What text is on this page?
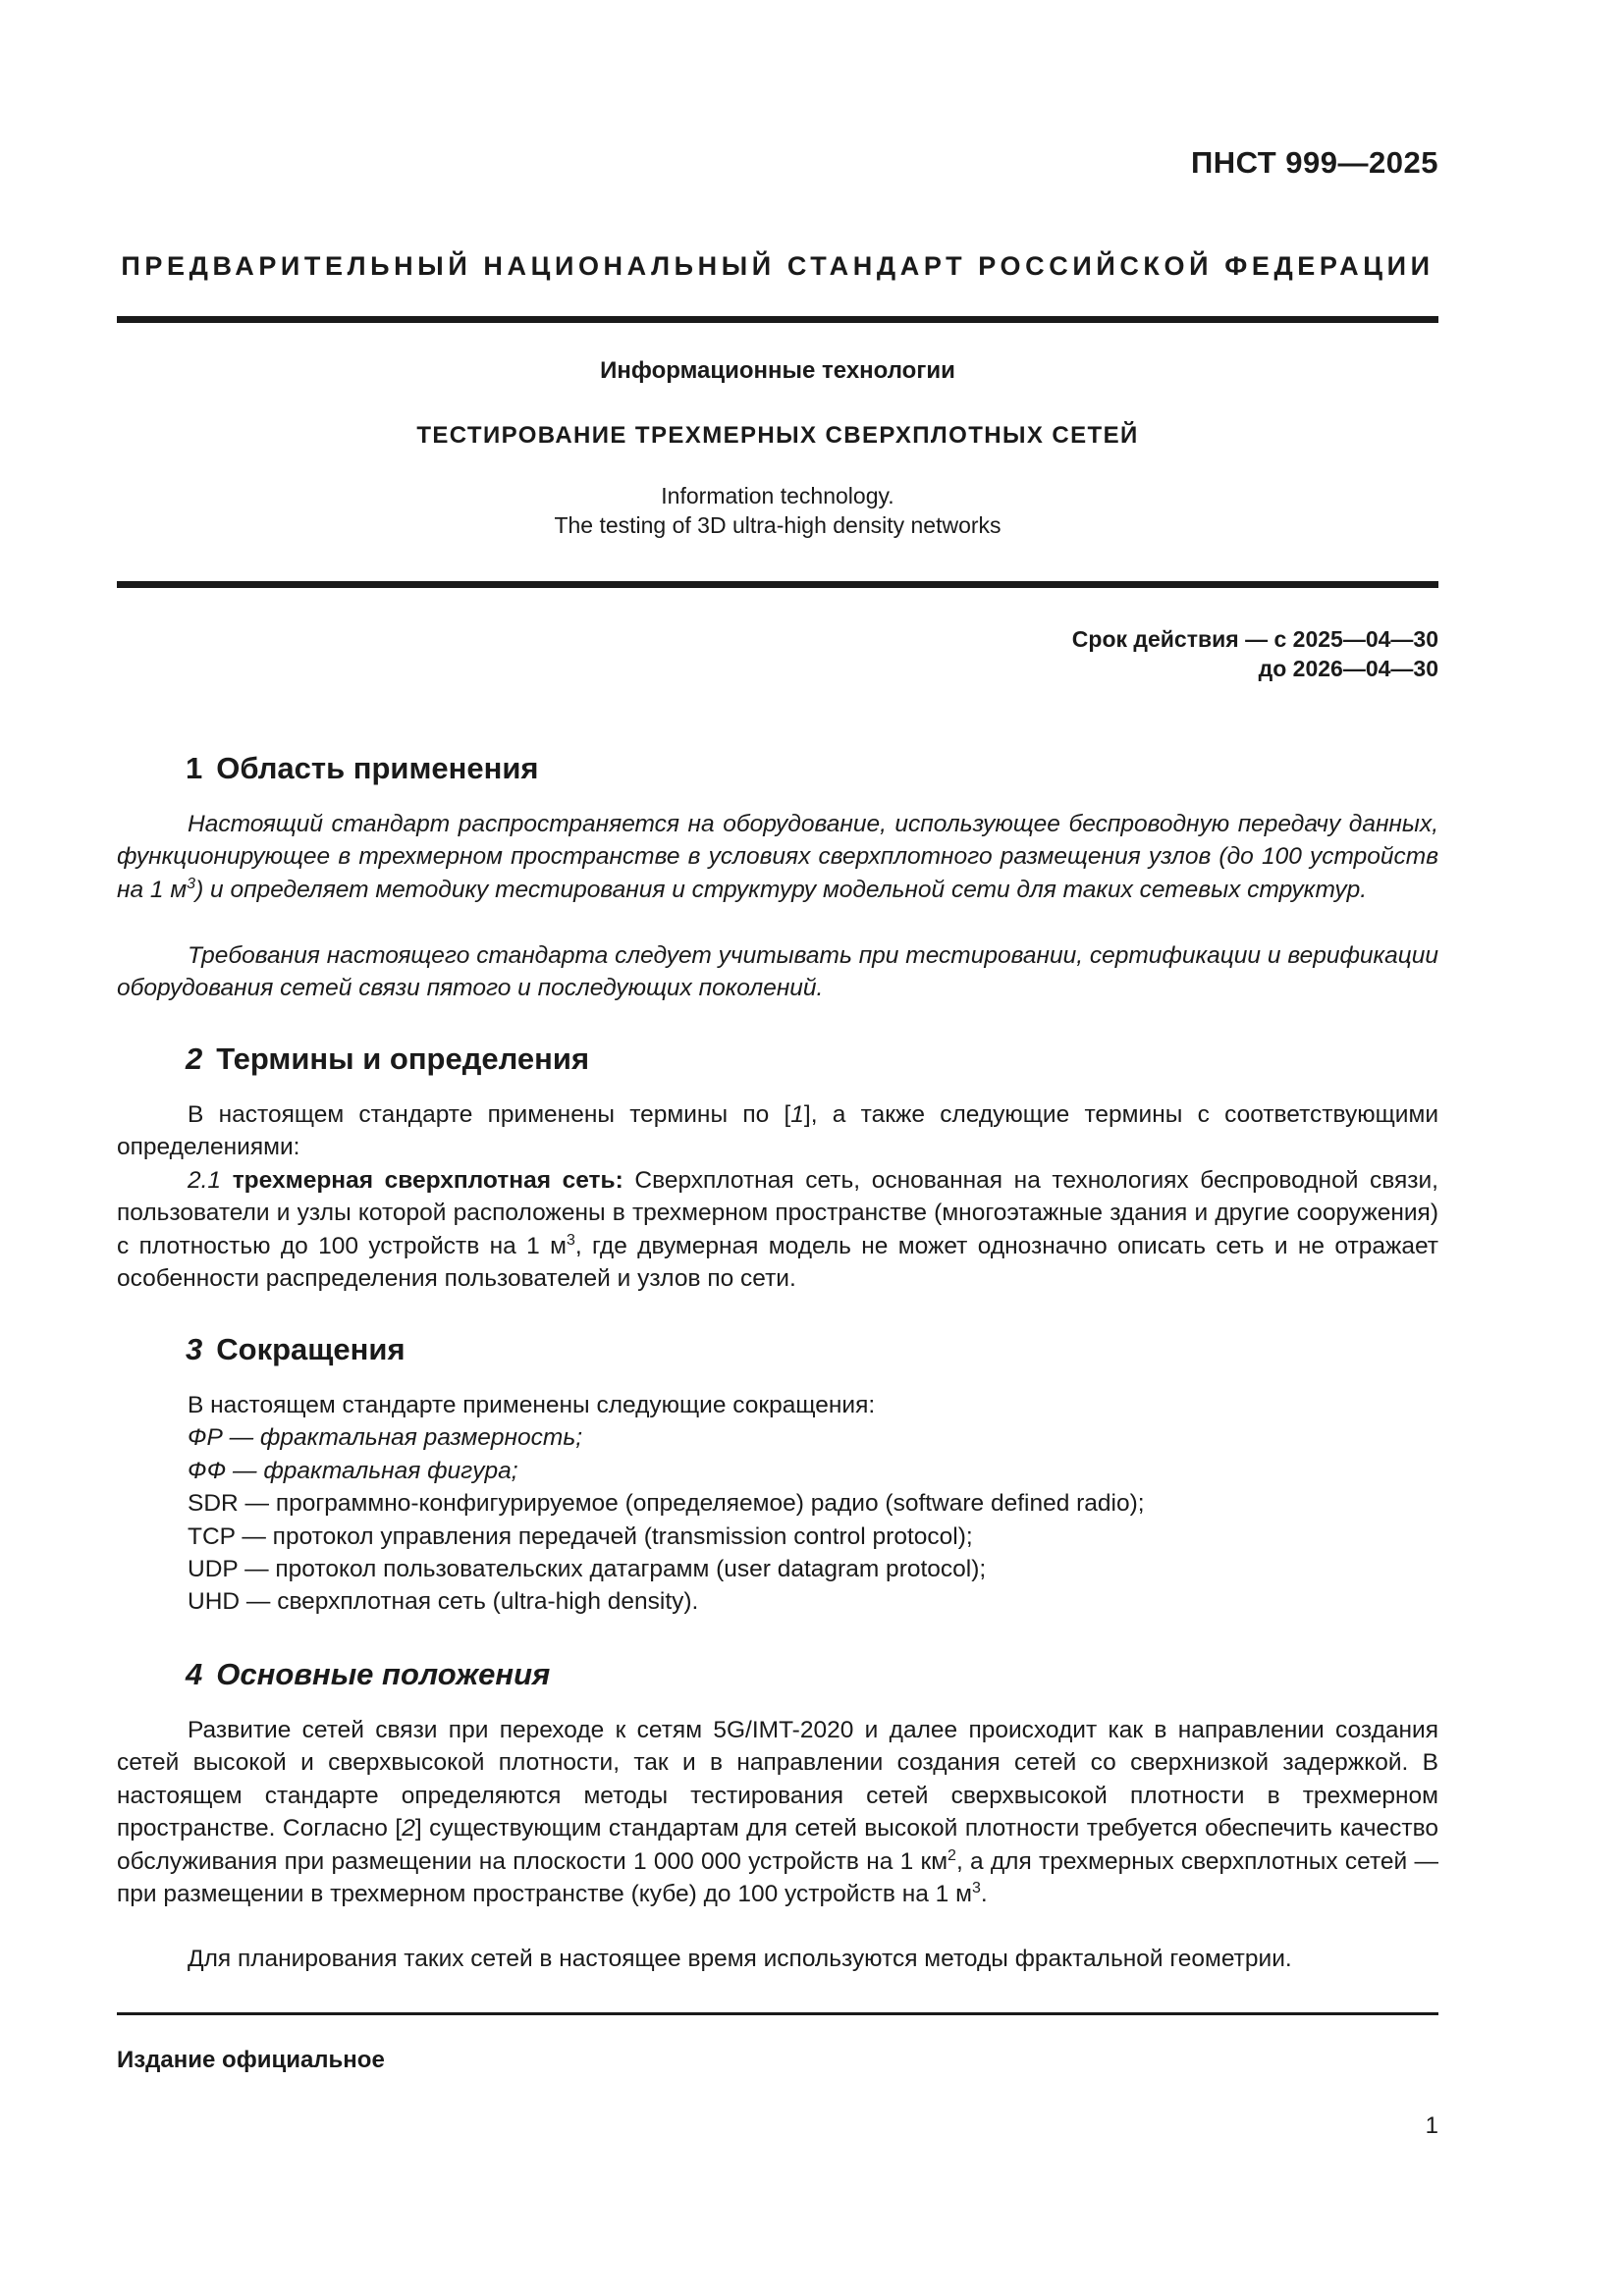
ПНСТ 999—2025
ПРЕДВАРИТЕЛЬНЫЙ НАЦИОНАЛЬНЫЙ СТАНДАРТ РОССИЙСКОЙ ФЕДЕРАЦИИ
Информационные технологии
ТЕСТИРОВАНИЕ ТРЕХМЕРНЫХ СВЕРХПЛОТНЫХ СЕТЕЙ
Information technology.
The testing of 3D ultra-high density networks
Срок действия — с 2025—04—30
до 2026—04—30
1 Область применения

Настоящий стандарт распространяется на оборудование, использующее беспроводную передачу данных, функционирующее в трехмерном пространстве в условиях сверхплотного размещения узлов (до 100 устройств на 1 $м^3$) и определяет методику тестирования и структуру модельной сети для таких сетевых структур.

Требования настоящего стандарта следует учитывать при тестировании, сертификации и верификации оборудования сетей связи пятого и последующих поколений.

2 Термины и определения

В настоящем стандарте применены термины по [1], а также следующие термины с соответствующими определениями:

2.1 трехмерная сверхплотная сеть: Сверхплотная сеть, основанная на технологиях беспроводной связи, пользователи и узлы которой расположены в трехмерном пространстве (многоэтажные здания и другие сооружения) с плотностью до 100 устройств на 1 $м^3$, где двумерная модель не может однозначно описать сеть и не отражает особенности распределения пользователей и узлов по сети.

3 Сокращения
В настоящем стандарте применены следующие сокращения:
ФР — фрактальная размерность;
ФФ — фрактальная фигура;
SDR — программно-конфигурируемое (определяемое) радио (software defined radio);
TCP — протокол управления передачей (transmission control protocol);
UDP — протокол пользовательских датаграмм (user datagram protocol);
UHD — сверхплотная сеть (ultra-high density).
4 Основные положения

Развитие сетей связи при переходе к сетям 5G/IMT-2020 и далее происходит как в направлении создания сетей высокой и сверхвысокой плотности, так и в направлении создания сетей со сверхнизкой задержкой. В настоящем стандарте определяются методы тестирования сетей сверхвысокой плотности в трехмерном пространстве. Согласно [2] существующим стандартам для сетей высокой плотности требуется обеспечить качество обслуживания при размещении на плоскости 1 000 000 устройств на 1 $км^2$, а для трехмерных сверхплотных сетей — при размещении в трехмерном пространстве (кубе) до 100 устройств на 1 $м^3$.

Для планирования таких сетей в настоящее время используются методы фрактальной геометрии.

Издание официальное
1
